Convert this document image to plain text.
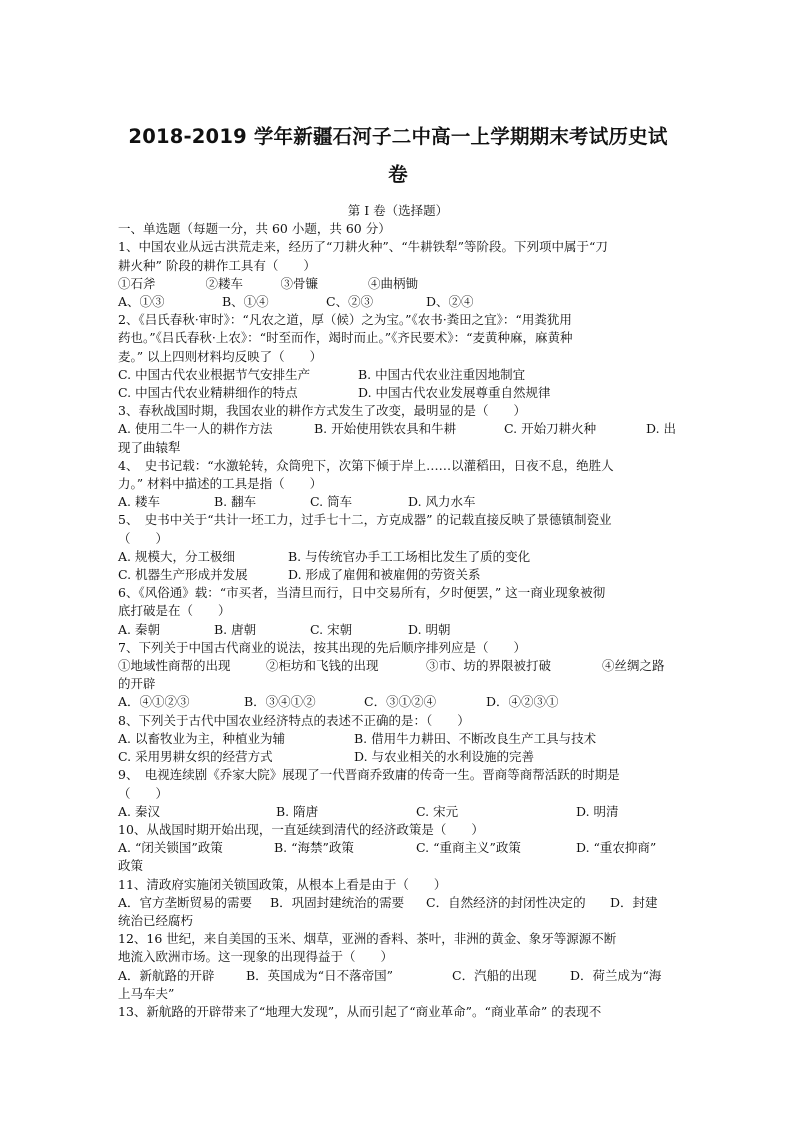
2018-2019 学年新疆石河子二中高一上学期期末考试历史试
卷
第 I 卷（选择题）
一、单选题（每题一分，共 60 小题，共 60 分）
1、中国农业从远古洪荒走来，经历了“刀耕火种”、“牛耕铁犁”等阶段。下列项中属于“刀
耕火种” 阶段的耕作工具有（　　）
①石斧　　　　②耧车　　　③骨镰　　　　④曲柄锄
A、①③	B、①④	C、②③	D、②④
2、《吕氏春秋·审时》：“凡农之道，厚（候）之为宝。”《农书·粪田之宜》：“用粪犹用
药也。”《吕氏春秋·上农》：“时至而作，竭时而止。”《齐民要术》：“麦黄种麻，麻黄种
麦。” 以上四则材料均反映了（　　）
C. 中国古代农业根据节气安排生产	B. 中国古代农业注重因地制宜
C. 中国古代农业精耕细作的特点	D. 中国古代农业发展尊重自然规律
3、春秋战国时期，我国农业的耕作方式发生了改变，最明显的是（　　）
A. 使用二牛一人的耕作方法	B. 开始使用铁农具和牛耕	C. 开始刀耕火种	D. 出
现了曲辕犁
4、　史书记载：“水激轮转，众筒兜下，次第下倾于岸上……以灌稻田，日夜不息，绝胜人
力。” 材料中描述的工具是指（　　）
A. 耧车	B. 翻车	C. 筒车	D. 风力水车
5、　史书中关于“共计一坯工力，过手七十二，方克成器” 的记载直接反映了景德镇制瓷业
（　　）
A. 规模大，分工极细	B. 与传统官办手工工场相比发生了质的变化
C. 机器生产形成并发展	D. 形成了雇佣和被雇佣的劳资关系
6、《风俗通》载：“市买者，当清旦而行，日中交易所有，夕时便罢，” 这一商业现象被彻
底打破是在（　　）
A. 秦朝	B. 唐朝	C. 宋朝	D. 明朝
7、下列关于中国古代商业的说法，按其出现的先后顺序排列应是（　　）
①地域性商帮的出现	②柜坊和飞钱的出现	③市、坊的界限被打破	④丝绸之路
的开辟
A．④①②③	B．③④①②	C．③①②④	D．④②③①
8、下列关于古代中国农业经济特点的表述不正确的是：（　　）
A. 以畜牧业为主，种植业为辅	B. 借用牛力耕田、不断改良生产工具与技术
C. 采用男耕女织的经营方式	D. 与农业相关的水利设施的完善
9、　电视连续剧《乔家大院》展现了一代晋商乔致庸的传奇一生。晋商等商帮活跃的时期是
（　　）
A. 秦汉	B. 隋唐	C. 宋元	D. 明清
10、从战国时期开始出现，一直延续到清代的经济政策是（　　）
A. “闭关锁国”政策	B. “海禁”政策	C. “重商主义”政策	D. “重农抑商”
政策
11、清政府实施闭关锁国政策，从根本上看是由于（　　）
A．官方垄断贸易的需要	B．巩固封建统治的需要	C．自然经济的封闭性决定的	D．封建
统治已经腐朽
12、16 世纪，来自美国的玉米、烟草，亚洲的香料、茶叶，非洲的黄金、象牙等源源不断
地流入欧洲市场。这一现象的出现得益于（　　）
A．新航路的开辟	B．英国成为“日不落帝国”	C．汽船的出现	D．荷兰成为“海
上马车夫”
13、新航路的开辟带来了“地理大发现”，从而引起了“商业革命”。“商业革命” 的表现不
